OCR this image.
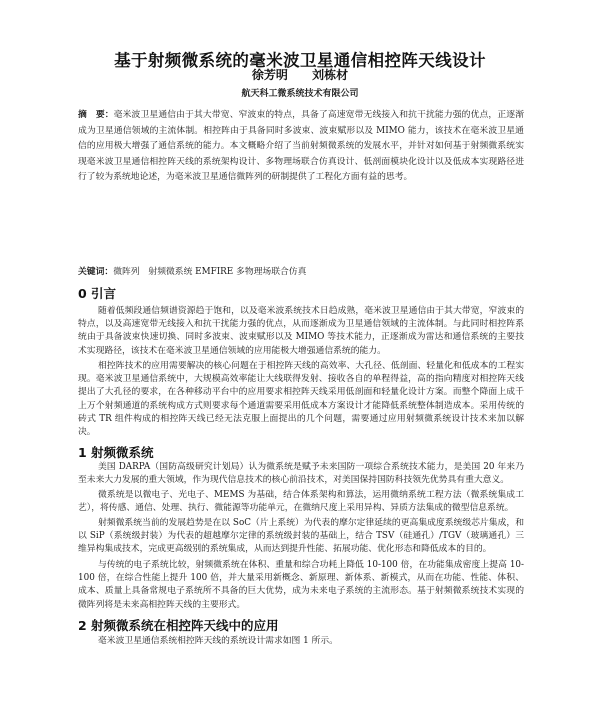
基于射频微系统的毫米波卫星通信相控阵天线设计
徐芳明 刘栋材
航天科工微系统技术有限公司

摘　要：毫米波卫星通信由于其大带宽、窄波束的特点，具备了高速宽带无线接入和抗干扰能力强的优点，正逐渐成为卫星通信领域的主流体制。相控阵由于具备同时多波束、波束赋形以及 MIMO 能力，该技术在毫米波卫星通信的应用极大增强了通信系统的能力。本文概略介绍了当前射频微系统的发展水平，并针对如何基于射频微系统实现毫米波卫星通信相控阵天线的系统架构设计、多物理场联合仿真设计、低剖面模块化设计以及低成本实现路径进行了较为系统地论述，为毫米波卫星通信微阵列的研制提供了工程化方面有益的思考。

关键词：微阵列　射频微系统 EMFIRE 多物理场联合仿真

0 引言

随着低频段通信频谱资源趋于饱和，以及毫米波系统技术日趋成熟，毫米波卫星通信由于其大带宽，窄波束的特点，以及高速宽带无线接入和抗干扰能力强的优点，从而逐渐成为卫星通信领域的主流体制。与此同时相控阵系统由于具备波束快速切换、同时多波束、波束赋形以及 MIMO 等技术能力，正逐渐成为雷达和通信系统的主要技术实现路径，该技术在毫米波卫星通信领域的应用能极大增强通信系统的能力。

相控阵技术的应用需要解决的核心问题在于相控阵天线的高效率、大孔径、低剖面、轻量化和低成本的工程实现。毫米波卫星通信系统中，大规模高效率能让大线联得发射、接收各自的单程得益，高的指向精度对相控阵天线提出了大孔径的要求，在各种移动平台中的应用要求相控阵天线采用低剖面和轻量化设计方案。而整个降面上成千上万个射频通道的系统构成方式则要求每个通道需要采用低成本方案设计才能降低系统整体制造成本。采用传统的砖式 TR 组件构成的相控阵天线已经无法克服上面提出的几个问题，需要通过应用射频微系统设计技术来加以解决。

1 射频微系统

美国 DARPA（国防高级研究计划局）认为微系统是赋予未来国防一项综合系统技术能力，是美国 20 年来乃至未来大力发展的重大领域，作为现代信息技术的核心前沿技术，对美国保持国防科技领先优势具有重大意义。

微系统是以微电子、光电子、MEMS 为基础，结合体系架构和算法，运用微纳系统工程方法（微系统集成工艺），将传感、通信、处理、执行、微能源等功能单元，在微纳尺度上采用异构、异质方法集成的微型信息系统。

射频微系统当前的发展趋势是在以 SoC（片上系统）为代表的摩尔定律延续的更高集成度系统级芯片集成，和以 SiP（系统级封装）为代表的超越摩尔定律的系统级封装的基础上，结合 TSV（硅通孔）/TGV（玻璃通孔）三维异构集成技术，完成更高级别的系统集成，从而达到提升性能、拓展功能、优化形态和降低成本的目的。

与传统的电子系统比较，射频微系统在体积、重量和综合功耗上降低 10-100 倍，在功能集成密度上提高 10-100 倍，在综合性能上提升 100 倍，并大量采用新概念、新原理、新体系、新模式，从而在功能、性能、体积、成本、质量上具备常规电子系统所不具备的巨大优势，成为未来电子系统的主流形态。基于射频微系统技术实现的微阵列将是未来高相控阵天线的主要形式。

2 射频微系统在相控阵天线中的应用

毫米波卫星通信系统相控阵天线的系统设计需求如图 1 所示。
